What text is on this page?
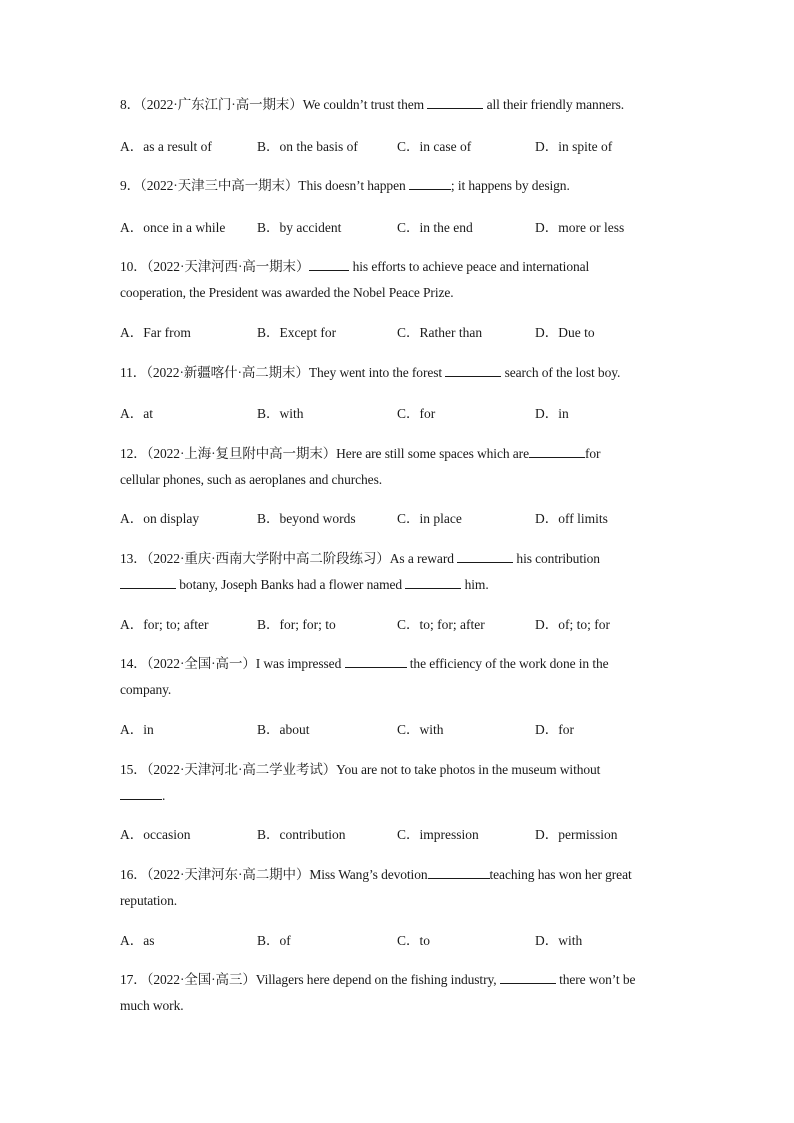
8．（2022·广东江门·高一期末）We couldn’t trust them	all their friendly manners.
A．as a result of	B．on the basis of	C．in case of	D．in spite of
9．（2022·天津三中高一期末）This doesn’t happen	; it happens by design.
A．once in a while B．by accident	C．in the end	D．more or less
10．（2022·天津河西·高一期末）	his efforts to achieve peace and international
cooperation, the President was awarded the Nobel Peace Prize.
A．Far from	B．Except for	C．Rather than	D．Due to
11．（2022·新疆喀什·高二期末）They went into the forest	search of the lost boy.
A．at	B．with	C．for	D．in
12．（2022·上海·复旦附中高一期末）Here are still some spaces which are	for
cellular phones, such as aeroplanes and churches.
A．on display	B．beyond words	C．in place	D．off limits
13．（2022·重庆·西南大学附中高二阶段练习）As a reward	his contribution
botany, Joseph Banks had a flower named	him.
A．for; to; after	B．for; for; to	C．to; for; after	D．of; to; for
14．（2022·全国·高一）I was impressed	the efficiency of the work done in the
company.
A．in	B．about	C．with	D．for
15．（2022·天津河北·高二学业考试）You are not to take photos in the museum without
.
A．occasion	B．contribution	C．impression	D．permission
16．（2022·天津河东·高二期中）Miss Wang’s devotion	teaching has won her great
reputation.
A．as	B．of	C．to	D．with
17．（2022·全国·高三）Villagers here depend on the fishing industry,	there won’t be
much work.
